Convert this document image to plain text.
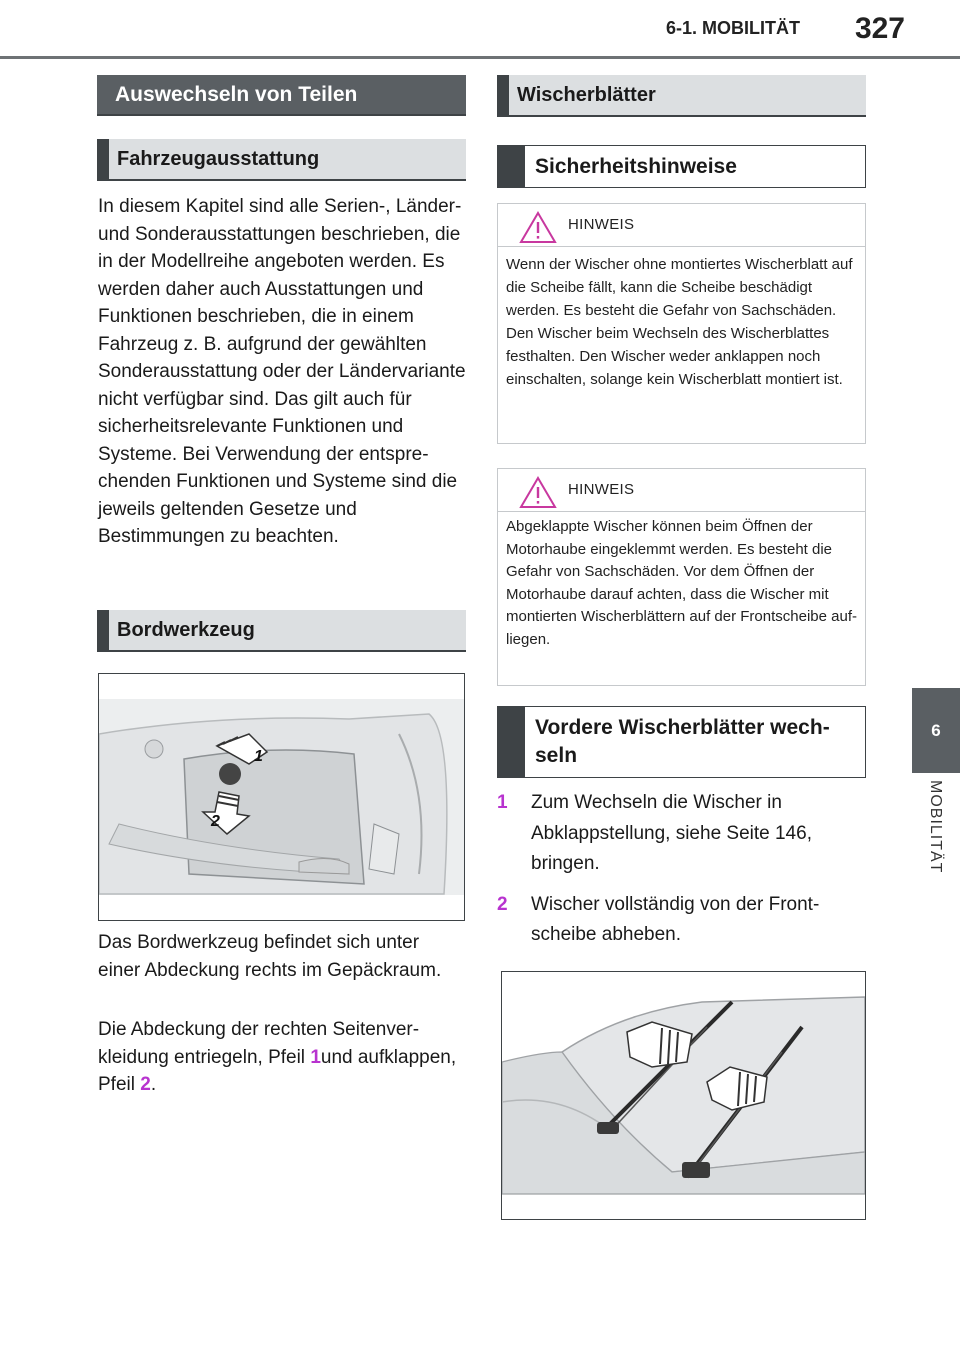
6-1. MOBILITÄT	327
6
MOBILITÄT
Auswechseln von Teilen
Fahrzeugausstattung
In diesem Kapitel sind alle Serien-, Länder- und Sonderausstattungen beschrieben, die in der Modellreihe angeboten werden. Es werden daher auch Ausstattungen und Funktionen beschrieben, die in einem Fahrzeug z. B. aufgrund der gewählten Sonderausstattung oder der Ländervariante nicht verfügbar sind. Das gilt auch für sicherheitsrelevante Funktionen und Systeme. Bei Verwendung der entsprechenden Funktionen und Systeme sind die jeweils geltenden Gesetze und Bestimmungen zu beachten.
Bordwerkzeug
1
2
Das Bordwerkzeug befindet sich unter einer Abdeckung rechts im Gepäckraum.
Die Abdeckung der rechten Seitenverkleidung entriegeln, Pfeil 1und aufklappen, Pfeil 2.
Wischerblätter
Sicherheitshinweise
HINWEIS
Wenn der Wischer ohne montiertes Wischerblatt auf die Scheibe fällt, kann die Scheibe beschädigt werden. Es besteht die Gefahr von Sachschäden. Den Wischer beim Wechseln des Wischerblattes festhalten. Den Wischer weder anklappen noch einschalten, solange kein Wischerblatt montiert ist.
HINWEIS
Abgeklappte Wischer können beim Öffnen der Motorhaube eingeklemmt werden. Es besteht die Gefahr von Sachschäden. Vor dem Öffnen der Motorhaube darauf achten, dass die Wischer mit montierten Wischerblättern auf der Frontscheibe aufliegen.
Vordere Wischerblätter wechseln
1	Zum Wechseln die Wischer in Abklappstellung, siehe Seite 146, bringen.
2	Wischer vollständig von der Frontscheibe abheben.
